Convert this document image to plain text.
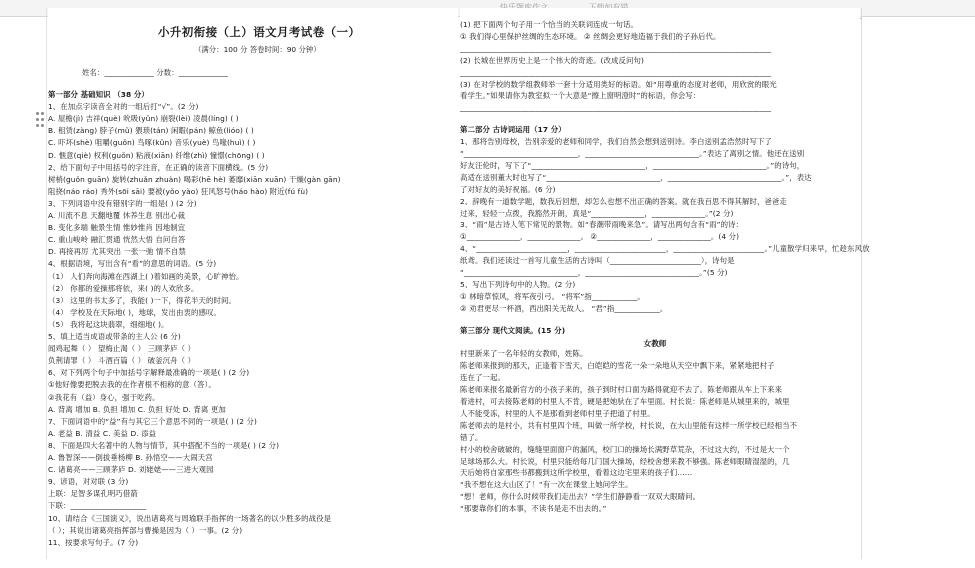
小升初衔接（上）语文月考试卷（一）
（满分：100 分 答卷时间：90 分钟）
姓名：_____________ 分数：_____________
第一部分 基础知识 （38 分）
1、在加点字读音全对的一组后打“√”。(2 分)
A. 屋檐(jì) 吉祥(què) 吮吸(yǔn) 崩裂(lèi) 凌晨(líng) ( )
B. 租赁(zàng) 脖子(mǔ) 猥琐(tán) 闲暇(pán) 鲸鱼(lióo) ( )
C. 吓坏(shè) 咀嚼(guǒn) 鸟啄(kǔn) 音乐(yuè) 鸟喙(huì) ( )
D. 惬意(qiè) 权利(guǒn) 粘液(xiān) 纤维(zhì) 憧憬(chōng) ( )
2、给下面句子中用括号的字注音，在正确的读音下面横线。(5 分)
树梢(guǒn guān) 旋转(zhuǎn zhuàn) 喝彩(hē hè) 萎靡(xiān xuān) 干燥(gàn gān)
阻挠(náo ráo) 秀外(sōi sāi) 要被(yǒo yào) 狂风怒号(háo hào) 附近(fú fù)
3、下列词语中没有错别字的一组是( ) (2 分)
A. 川流不息 天翻地覆 休养生息 别出心裁
B. 变化多端 触景生情 惟妙惟肖 因地制宜
C. 重山峻岭 融汇贯通 恍然大悟 自问自答
D. 再接再厉 尤其突出 一张一弛 情不自禁
4、根据语境，写出含有“看”的意思的词语。(5 分)
（1） 人们奔向海滩在西湖上( )着如画的美景，心旷神怡。
（2） 你都的爱操那将依，来( )的人欢欣多。
（3） 这里的书太多了，我能( )一下，得花半天的时间。
（4） 学校及在天际地( )，地球，发出由衷的感叹。
（5） 我将起这块翡翠，细细地( )。
5、填上适当成语或带条的主人公 (6 分)
闻鸡起舞（ ） 望梅止渴（ ） 三顾茅庐（ ）
负荆请罪（ ） 斗酒百篇（ ） 破釜沉舟（ ）
6、对下列两个句子中加括号字解释最准确的一项是( ) (2 分)
①他好像要把脱去我的在作者根不相称的意（答）。
②我花有（益）身心，强于吃药。
A. 背离 增加 B. 负担 增加 C. 负担 好处 D. 背离 更加
7、下面词语中的“益”有与其它三个意思不同的一项是( ) (2 分)
A. 老益 B. 清益 C. 美益 D. 添益
8、下面是四大名著中的人物与情节，其中搭配不当的一项是( ) (2 分)
A. 鲁智深——倒拔垂杨柳 B. 孙悟空——大闹天宫
C. 诸葛亮——三顾茅庐 D. 刘姥姥——三进大观园
9、谚语，对对联 (3 分)
上联：足智多谋孔明巧借箭
下联：____________________
10、请结合《三国演义》，说出诸葛亮与周瑜联手指挥的一场著名的以少胜多的战役是
（ ）；其说出诸葛亮指挥部与曹操是因为（ ）一事。(2 分)
11、按要求写句子。(7 分)
(1) 把下面两个句子用一个恰当的关联词连成一句话。
① 我们得心里保护丝绸的生态环境。 ② 丝绸会更好地造福于我们的子孙后代。
__________________________________________________________________________________
(2) 长城在世界历史上是一个伟大的奇迹。(改成反问句)
__________________________________________________________________________________
(3) 在对学校的数学组教师举一套十分适用类好的标语。如“用尊重的态度对老师，用欣赏的眼光
看学生。”如果请你为教室拟一个大意是“擦上窗明澄时”的标语，你会写：
__________________________________________________________________________________
第二部分 古诗词运用（17 分）
1、那将告别母校，告别亲爱的老师和同学，我们自然会想到送别诗。李白送别孟浩然时写下了
“______________________________，______________________________。”表达了离别之情。他还在送别
好友汪伦时，写下了“______________________________，______________________________。”的诗句，
高适在送别董大时也写了“______________________________，______________________________。”，表达
了对好友的美好祝福。(6 分)
2、辞晚有一道数学题，数我后回想，却怎么也想不出正确的答案。就在我百思不得其解时，爸爸走
过来，轻轻一点拨，我豁然开朗，真是“______________，______________。”(2 分)
3、“雨”是古诗人笔下常见的景物。如“春潮带雨晚来急”。请写出两句含有“雨”的诗：
①______________，______________。 ②______________，______________。(4 分)
4、“________________________，________________________，________________________。”儿童散学归来早，忙趁东风放
纸鸢。我们还读过一首写儿童生活的古诗叫（________________________），诗句是
“______________________________，______________________________。”(5 分)
5、写出下列诗句中的人物。(2 分)
① 林暗草惊风，将军夜引弓。 “将军”指____________。
② 劝君更尽一杯酒，西出阳关无故人。 “君”指____________。
第三部分 现代文阅读。(15 分)
女教师
村里新来了一名年轻的女教师，姓陈。
陈老师来报到的那天，正逢着下雪天，白皑皑的雪花一朵一朵地从天空中飘下来，紧紧地把村子
连在了一起。
陈老师来报名最新官方的小孩子来的，孩子到时村口面为路得就迎不去了。陈老师跟从车上下来来
着进村，可去接陈老师的村里人不肯，硬是把她驮在了车里面。村长说：陈老师是从城里来的，城里
人不能受冻，村里的人不是那看到老师村里子把道了村里。
陈老师去的是村小，共有村里四个班，叫做一所学校，村长说，在大山里能有这样一所学校已经相当不
错了。
村小的校舍破破的，缝缝里面窗户的漏风，校门口的操场长满野草荒杂，不过这大约，不过是大一个
足球场那么大。村长说，村里只能给每几门国大操场，经校舍想来教不够强。陈老师眼睛湿湿的，几
天后她将自家那些书都搬到这所学校里，看着这边宅里来的孩子们……
“我不想在这大山区了！”有一次在课堂上她问学生。
“想！老师，你什么时候带我们走出去？”学生们静静看一双双大眼睛问。
“那要靠你们的本事，不读书是走不出去的。”
